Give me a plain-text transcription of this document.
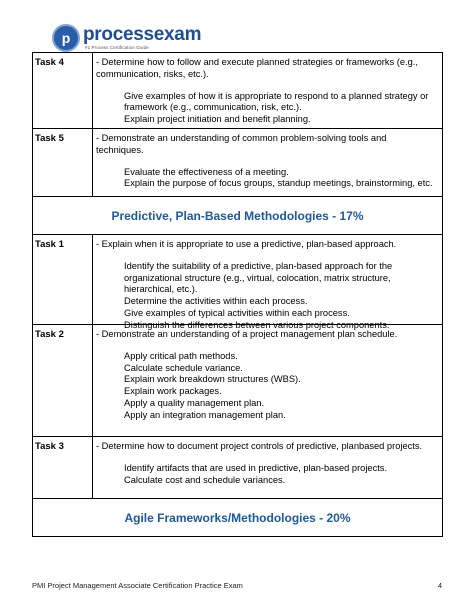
p processexam
#1 Process Certification Guide
Task 4	- Determine how to follow and execute planned strategies or frameworks (e.g., communication, risks, etc.).

Give examples of how it is appropriate to respond to a planned strategy or framework (e.g., communication, risk, etc.).
Explain project initiation and benefit planning.
Task 5	- Demonstrate an understanding of common problem-solving tools and techniques.

Evaluate the effectiveness of a meeting.
Explain the purpose of focus groups, standup meetings, brainstorming, etc.
Predictive, Plan-Based Methodologies - 17%
Task 1	- Explain when it is appropriate to use a predictive, plan-based approach.

Identify the suitability of a predictive, plan-based approach for the organizational structure (e.g., virtual, colocation, matrix structure, hierarchical, etc.).
Determine the activities within each process.
Give examples of typical activities within each process.
Distinguish the differences between various project components.
Task 2	- Demonstrate an understanding of a project management plan schedule.

Apply critical path methods.
Calculate schedule variance.
Explain work breakdown structures (WBS).
Explain work packages.
Apply a quality management plan.
Apply an integration management plan.
Task 3	- Determine how to document project controls of predictive, planbased projects.

Identify artifacts that are used in predictive, plan-based projects.
Calculate cost and schedule variances.
Agile Frameworks/Methodologies - 20%
PMI Project Management Associate Certification Practice Exam	4
